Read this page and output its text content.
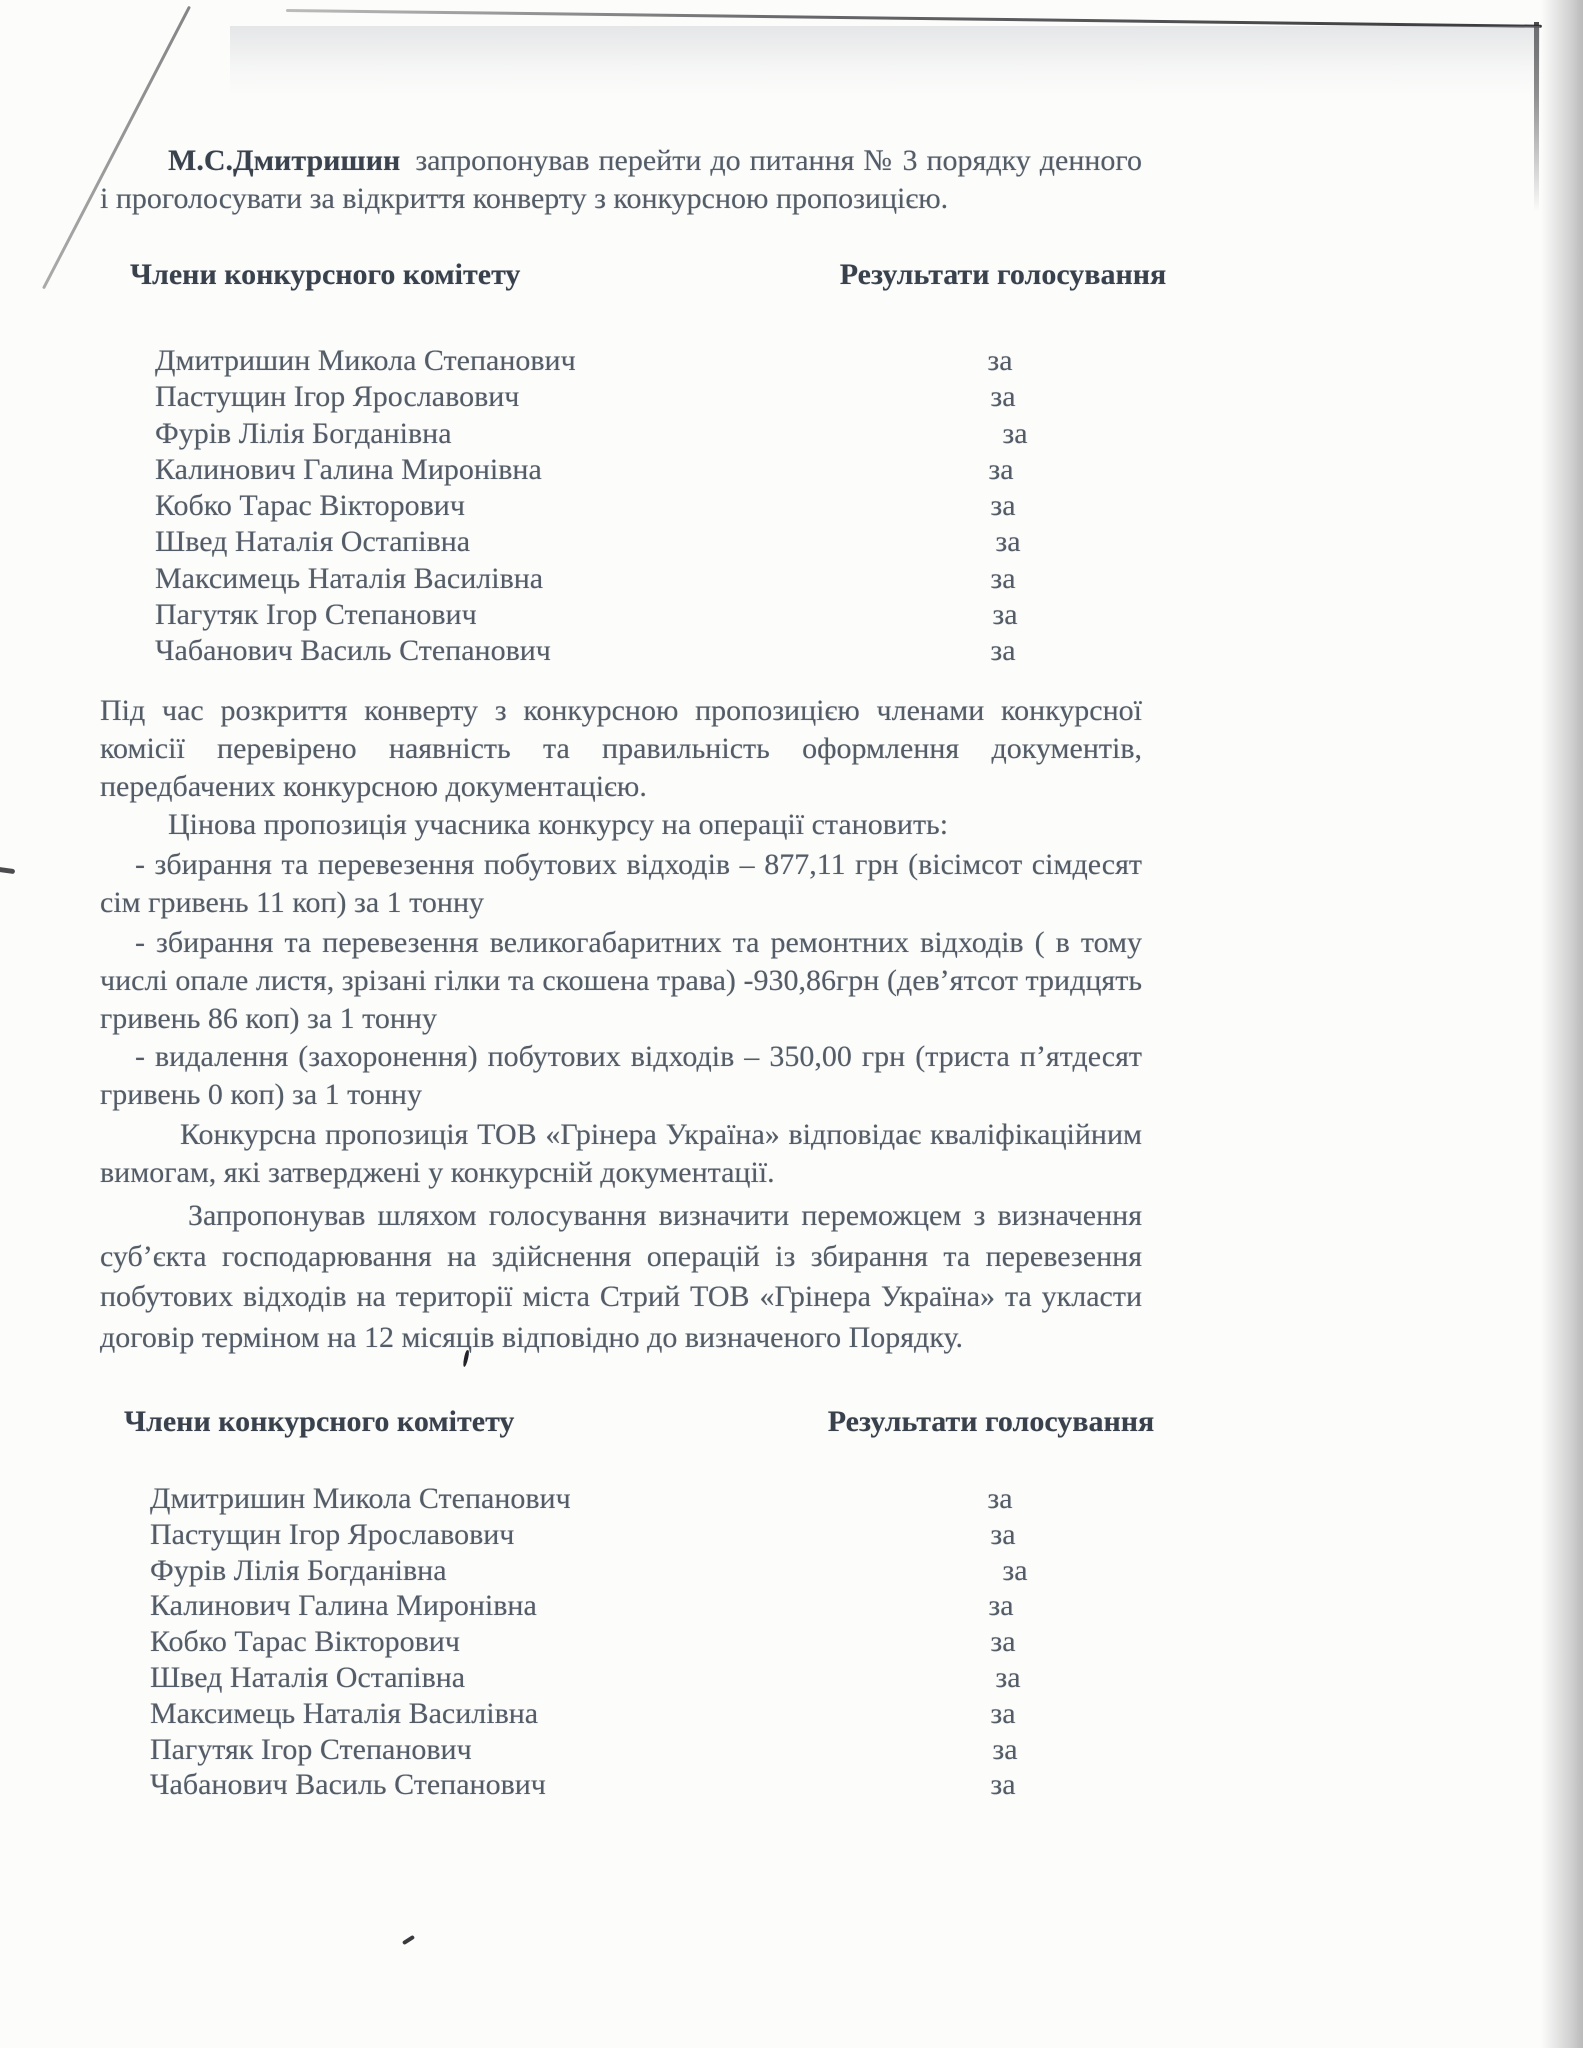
М.С.Дмитришин запропонував перейти до питання № 3 порядку денного і проголосувати за відкриття конверту з конкурсною пропозицією.

Члени конкурсного комітету	Результати голосування
Дмитришин Микола Степанович	за
Пастущин Ігор Ярославович	за
Фурів Лілія Богданівна	за
Калинович Галина Миронівна	за
Кобко Тарас Вікторович	за
Швед Наталія Остапівна	за
Максимець Наталія Василівна	за
Пагутяк Ігор Степанович	за
Чабанович Василь Степанович	за

Під час розкриття конверту з конкурсною пропозицією членами конкурсної комісії перевірено наявність та правильність оформлення документів, передбачених конкурсною документацією.

Цінова пропозиція учасника конкурсу на операції становить:

- збирання та перевезення побутових відходів – 877,11 грн (вісімсот сімдесят сім гривень 11 коп) за 1 тонну

- збирання та перевезення великогабаритних та ремонтних відходів ( в тому числі опале листя, зрізані гілки та скошена трава) -930,86грн (дев’ятсот тридцять гривень 86 коп) за 1 тонну

- видалення (захоронення) побутових відходів – 350,00 грн (триста п’ятдесят гривень 0 коп) за 1 тонну

Конкурсна пропозиція ТОВ «Грінера Україна» відповідає кваліфікаційним вимогам, які затверджені у конкурсній документації.

Запропонував шляхом голосування визначити переможцем з визначення суб’єкта господарювання на здійснення операцій із збирання та перевезення побутових відходів на території міста Стрий ТОВ «Грінера Україна» та укласти договір терміном на 12 місяців відповідно до визначеного Порядку.

Члени конкурсного комітету	Результати голосування
Дмитришин Микола Степанович	за
Пастущин Ігор Ярославович	за
Фурів Лілія Богданівна	за
Калинович Галина Миронівна	за
Кобко Тарас Вікторович	за
Швед Наталія Остапівна	за
Максимець Наталія Василівна	за
Пагутяк Ігор Степанович	за
Чабанович Василь Степанович	за
